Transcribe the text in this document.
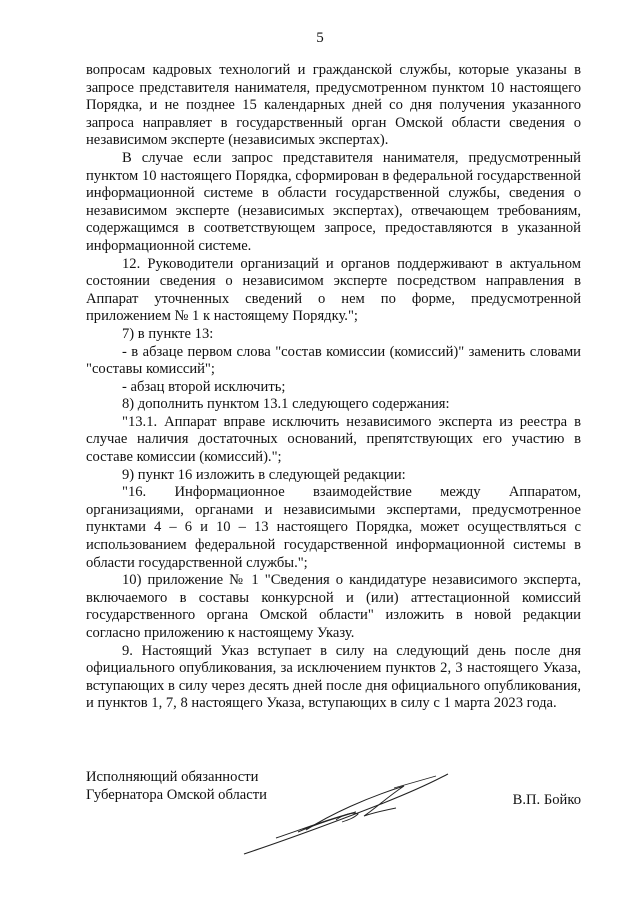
5

вопросам кадровых технологий и гражданской службы, которые указаны в запросе представителя нанимателя, предусмотренном пунктом 10 настоящего Порядка, и не позднее 15 календарных дней со дня получения указанного запроса направляет в государственный орган Омской области сведения о независимом эксперте (независимых экспертах).

В случае если запрос представителя нанимателя, предусмотренный пунктом 10 настоящего Порядка, сформирован в федеральной государственной информационной системе в области государственной службы, сведения о независимом эксперте (независимых экспертах), отвечающем требованиям, содержащимся в соответствующем запросе, предоставляются в указанной информационной системе.

12. Руководители организаций и органов поддерживают в актуальном состоянии сведения о независимом эксперте посредством направления в Аппарат уточненных сведений о нем по форме, предусмотренной приложением № 1 к настоящему Порядку.";

7) в пункте 13:

- в абзаце первом слова "состав комиссии (комиссий)" заменить словами "составы комиссий";

- абзац второй исключить;

8) дополнить пунктом 13.1 следующего содержания:

"13.1. Аппарат вправе исключить независимого эксперта из реестра в случае наличия достаточных оснований, препятствующих его участию в составе комиссии (комиссий).";

9) пункт 16 изложить в следующей редакции:

"16. Информационное взаимодействие между Аппаратом, организациями, органами и независимыми экспертами, предусмотренное пунктами 4 – 6 и 10 – 13 настоящего Порядка, может осуществляться с использованием федеральной государственной информационной системы в области государственной службы.";

10) приложение № 1 "Сведения о кандидатуре независимого эксперта, включаемого в составы конкурсной и (или) аттестационной комиссий государственного органа Омской области" изложить в новой редакции согласно приложению к настоящему Указу.

9. Настоящий Указ вступает в силу на следующий день после дня официального опубликования, за исключением пунктов 2, 3 настоящего Указа, вступающих в силу через десять дней после дня официального опубликования, и пунктов 1, 7, 8 настоящего Указа, вступающих в силу с 1 марта 2023 года.

Исполняющий обязанности
Губернатора Омской области	В.П. Бойко
